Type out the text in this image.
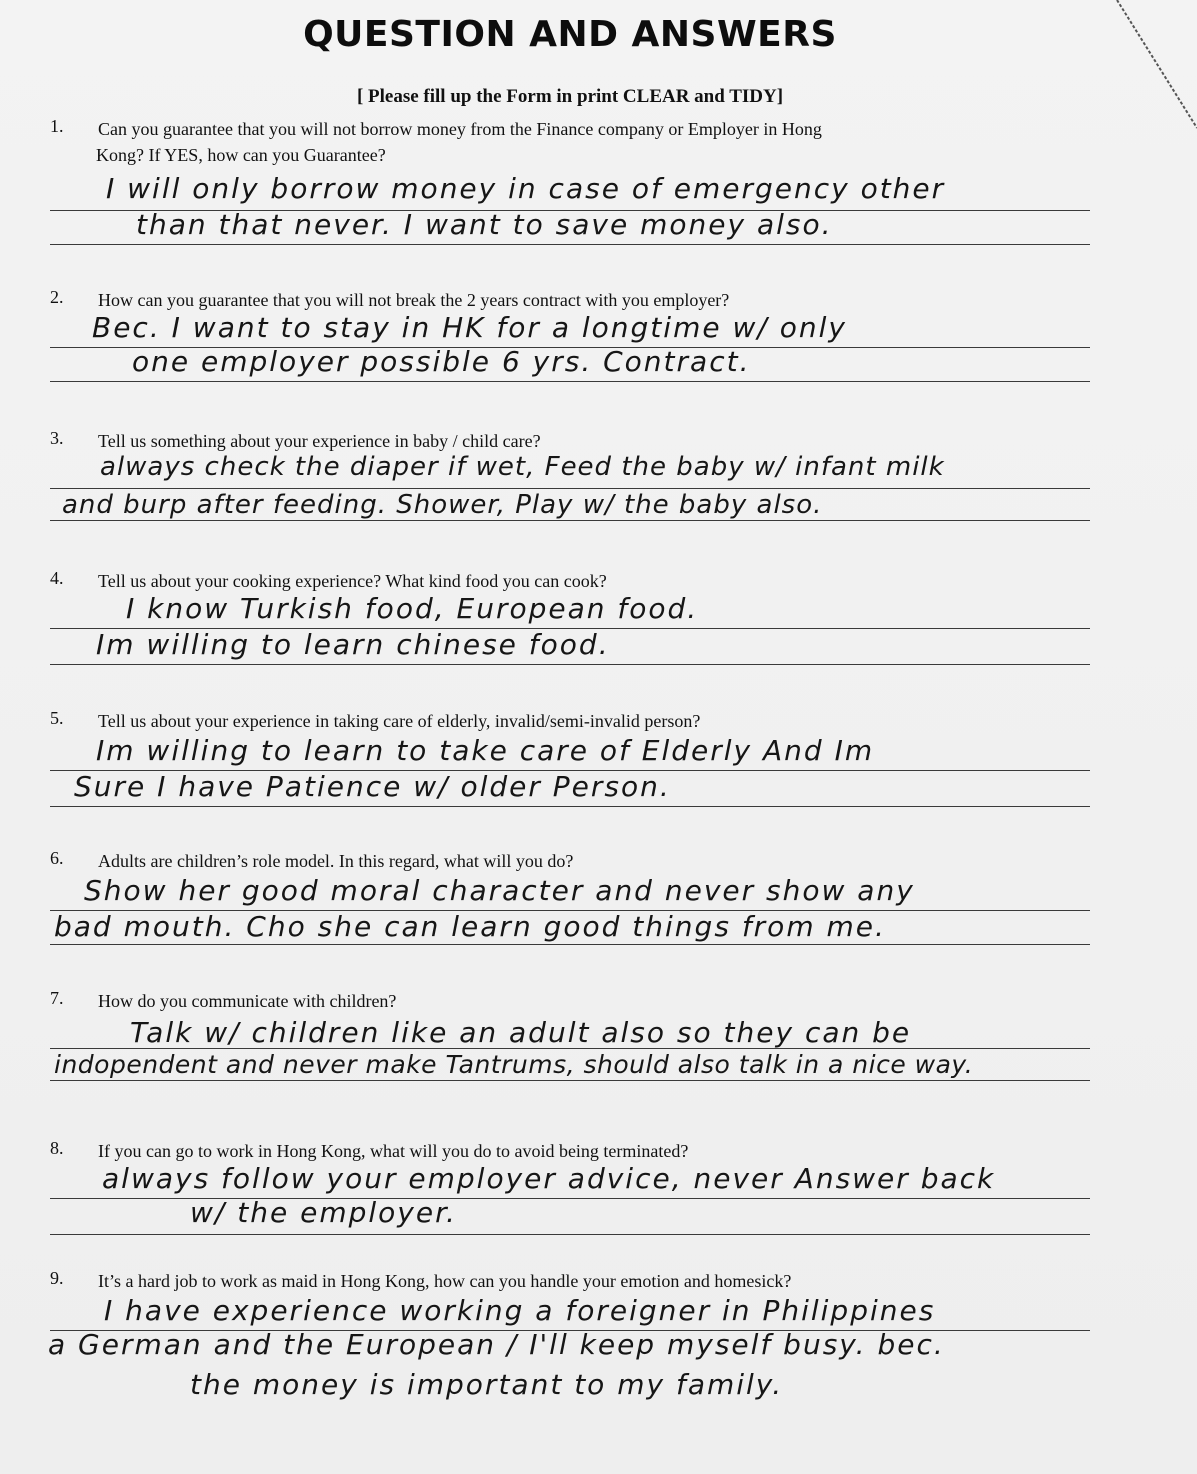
QUESTION AND ANSWERS
[ Please fill up the Form in print CLEAR and TIDY]
1. Can you guarantee that you will not borrow money from the Finance company or Employer in Hong
Kong? If YES, how can you Guarantee?
I will only borrow money in case of emergency other
than that never. I want to save money also.
2. How can you guarantee that you will not break the 2 years contract with you employer?
Bec. I want to stay in HK for a longtime w/ only
one employer possible 6 yrs. Contract.
3. Tell us something about your experience in baby / child care?
always check the diaper if wet, Feed the baby w/ infant milk
and burp after feeding. Shower, Play w/ the baby also.
4. Tell us about your cooking experience? What kind food you can cook?
I know Turkish food, European food.
Im willing to learn chinese food.
5. Tell us about your experience in taking care of elderly, invalid/semi-invalid person?
Im willing to learn to take care of Elderly And Im
Sure I have Patience w/ older Person.
6. Adults are children’s role model. In this regard, what will you do?
Show her good moral character and never show any
bad mouth. Cho she can learn good things from me.
7. How do you communicate with children?
Talk w/ children like an adult also so they can be
indopendent and never make Tantrums, should also talk in a nice way.
8. If you can go to work in Hong Kong, what will you do to avoid being terminated?
always follow your employer advice, never Answer back
w/ the employer.
9. It’s a hard job to work as maid in Hong Kong, how can you handle your emotion and homesick?
I have experience working a foreigner in Philippines
a German and the European / I'll keep myself busy. bec.
the money is important to my family.
